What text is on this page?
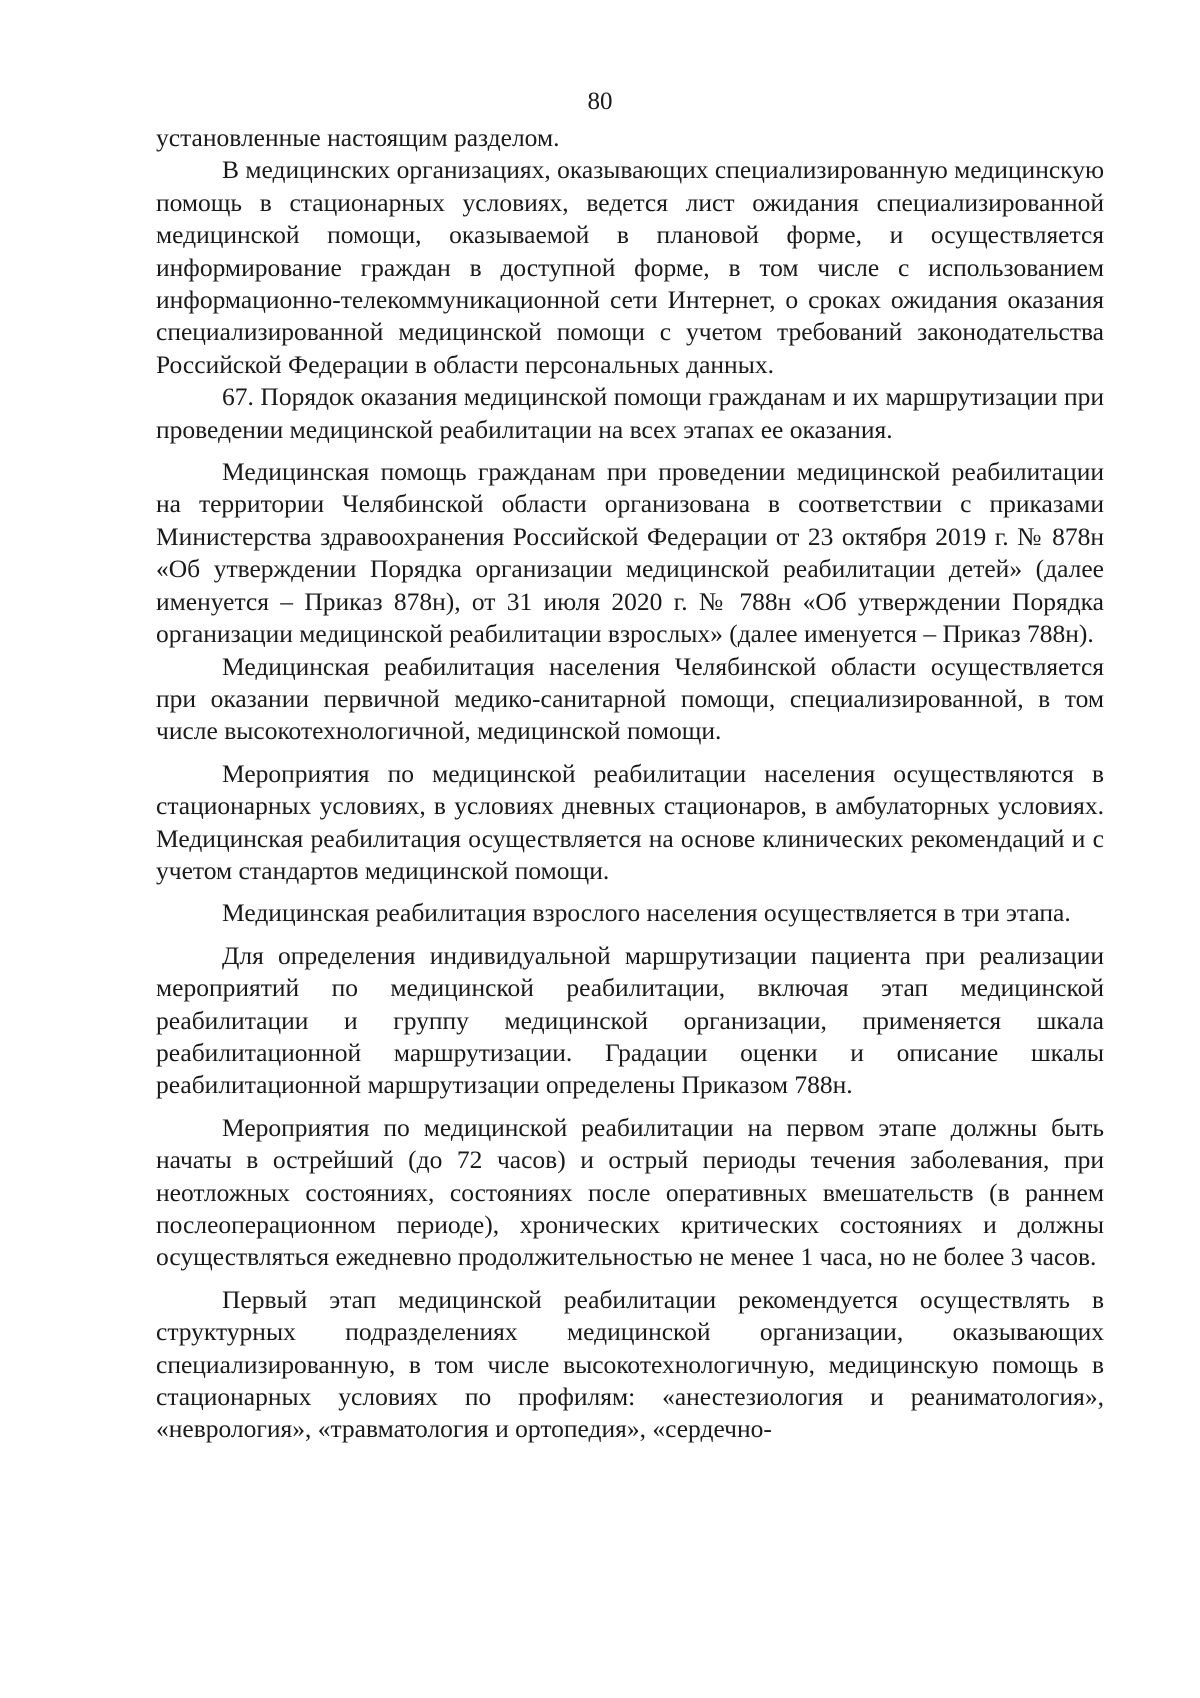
80

установленные настоящим разделом.

В медицинских организациях, оказывающих специализированную медицинскую помощь в стационарных условиях, ведется лист ожидания специализированной медицинской помощи, оказываемой в плановой форме, и осуществляется информирование граждан в доступной форме, в том числе с использованием информационно-телекоммуникационной сети Интернет, о сроках ожидания оказания специализированной медицинской помощи с учетом требований законодательства Российской Федерации в области персональных данных.

67. Порядок оказания медицинской помощи гражданам и их маршрутизации при проведении медицинской реабилитации на всех этапах ее оказания.

Медицинская помощь гражданам при проведении медицинской реабилитации на территории Челябинской области организована в соответствии с приказами Министерства здравоохранения Российской Федерации от 23 октября 2019 г. № 878н «Об утверждении Порядка организации медицинской реабилитации детей» (далее именуется – Приказ 878н), от 31 июля 2020 г. № 788н «Об утверждении Порядка организации медицинской реабилитации взрослых» (далее именуется – Приказ 788н).

Медицинская реабилитация населения Челябинской области осуществляется при оказании первичной медико-санитарной помощи, специализированной, в том числе высокотехнологичной, медицинской помощи.

Мероприятия по медицинской реабилитации населения осуществляются в стационарных условиях, в условиях дневных стационаров, в амбулаторных условиях. Медицинская реабилитация осуществляется на основе клинических рекомендаций и с учетом стандартов медицинской помощи.

Медицинская реабилитация взрослого населения осуществляется в три этапа.

Для определения индивидуальной маршрутизации пациента при реализации мероприятий по медицинской реабилитации, включая этап медицинской реабилитации и группу медицинской организации, применяется шкала реабилитационной маршрутизации. Градации оценки и описание шкалы реабилитационной маршрутизации определены Приказом 788н.

Мероприятия по медицинской реабилитации на первом этапе должны быть начаты в острейший (до 72 часов) и острый периоды течения заболевания, при неотложных состояниях, состояниях после оперативных вмешательств (в раннем послеоперационном периоде), хронических критических состояниях и должны осуществляться ежедневно продолжительностью не менее 1 часа, но не более 3 часов.

Первый этап медицинской реабилитации рекомендуется осуществлять в структурных подразделениях медицинской организации, оказывающих специализированную, в том числе высокотехнологичную, медицинскую помощь в стационарных условиях по профилям: «анестезиология и реаниматология», «неврология», «травматология и ортопедия», «сердечно-
